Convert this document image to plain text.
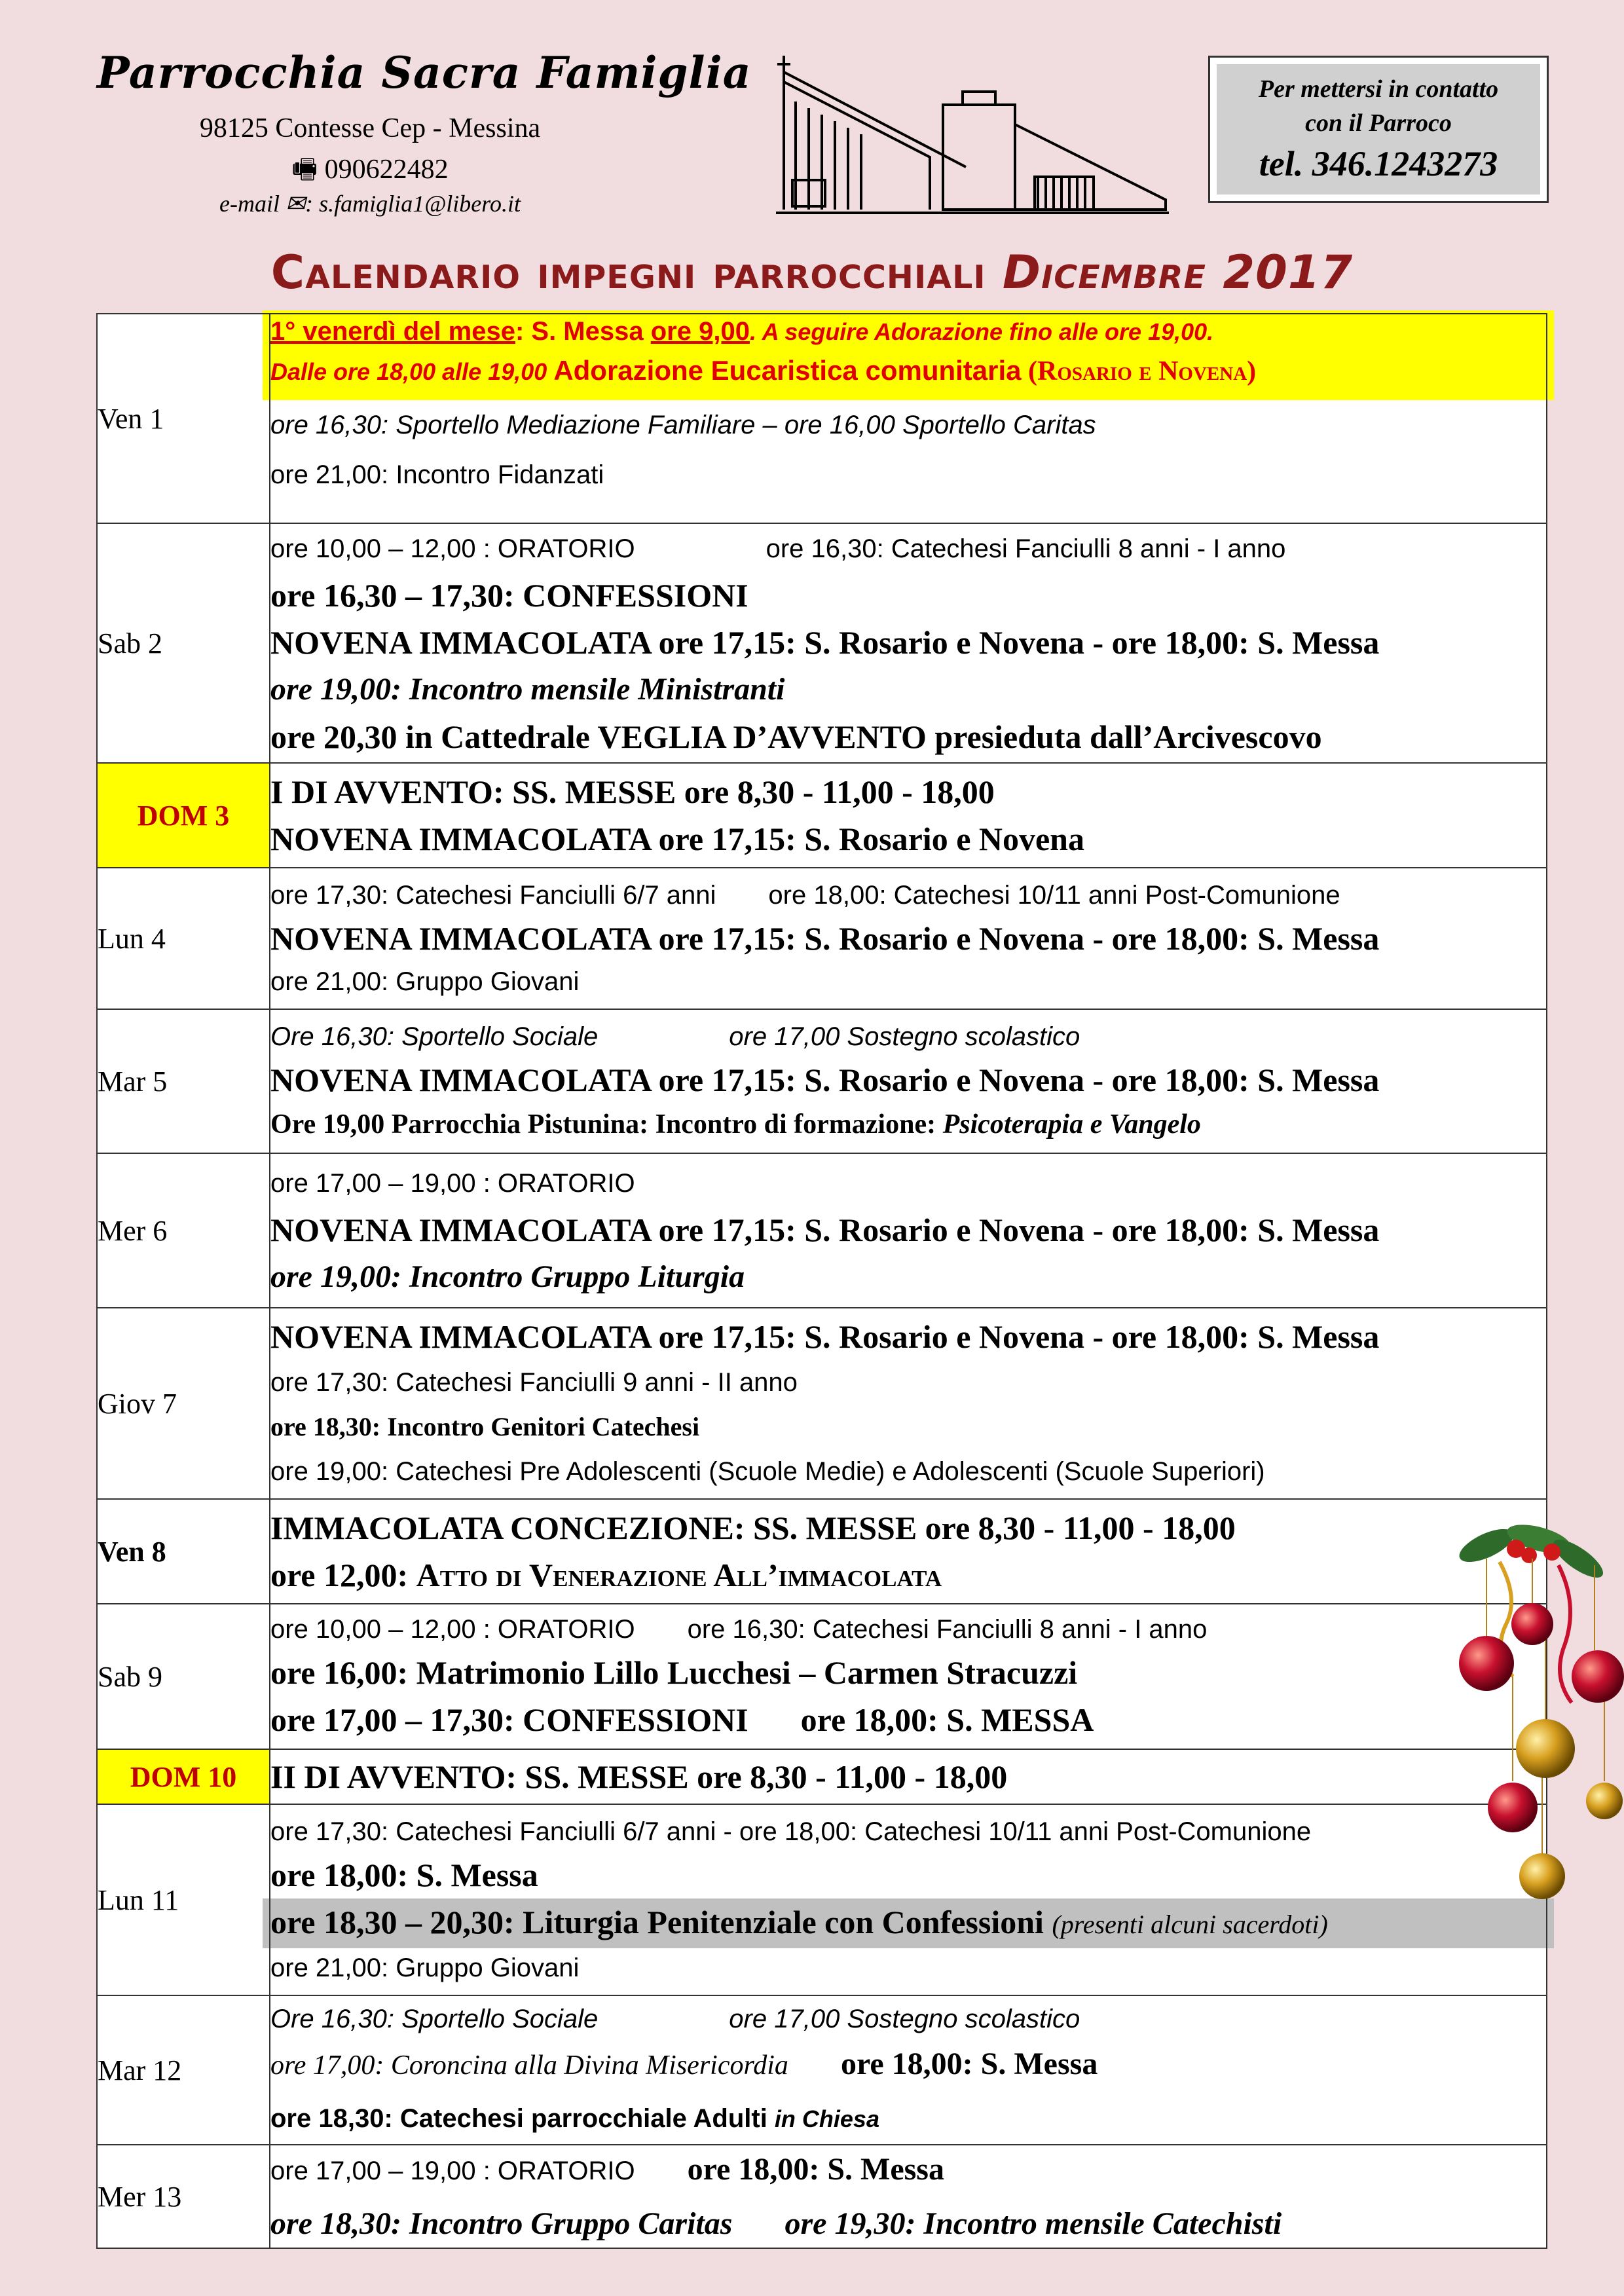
Parrocchia Sacra Famiglia
98125 Contesse Cep - Messina
🖷 090622482
e-mail ✉: s.famiglia1@libero.it
Per mettersi in contatto
con il Parroco
tel. 346.1243273
Calendario impegni parrocchiali Dicembre 2017
Ven 1	1° venerdì del mese: S. Messa ore 9,00. A seguire Adorazione fino alle ore 19,00.
Dalle ore 18,00 alle 19,00 Adorazione Eucaristica comunitaria (Rosario e Novena)
ore 16,30: Sportello Mediazione Familiare – ore 16,00 Sportello Caritas
ore 21,00: Incontro Fidanzati

Sab 2	ore 10,00 – 12,00 : ORATORIO ore 16,30: Catechesi Fanciulli 8 anni - I anno
ore 16,30 – 17,30: CONFESSIONI
NOVENA IMMACOLATA ore 17,15: S. Rosario e Novena - ore 18,00: S. Messa
ore 19,00: Incontro mensile Ministranti
ore 20,30 in Cattedrale VEGLIA D’AVVENTO presieduta dall’Arcivescovo

DOM 3	I DI AVVENTO: SS. MESSE ore 8,30 - 11,00 - 18,00
NOVENA IMMACOLATA ore 17,15: S. Rosario e Novena

Lun 4	ore 17,30: Catechesi Fanciulli 6/7 anni ore 18,00: Catechesi 10/11 anni Post-Comunione
NOVENA IMMACOLATA ore 17,15: S. Rosario e Novena - ore 18,00: S. Messa
ore 21,00: Gruppo Giovani

Mar 5	Ore 16,30: Sportello Sociale ore 17,00 Sostegno scolastico
NOVENA IMMACOLATA ore 17,15: S. Rosario e Novena - ore 18,00: S. Messa
Ore 19,00 Parrocchia Pistunina: Incontro di formazione: Psicoterapia e Vangelo

Mer 6	ore 17,00 – 19,00 : ORATORIO
NOVENA IMMACOLATA ore 17,15: S. Rosario e Novena - ore 18,00: S. Messa
ore 19,00: Incontro Gruppo Liturgia

Giov 7	NOVENA IMMACOLATA ore 17,15: S. Rosario e Novena - ore 18,00: S. Messa
ore 17,30: Catechesi Fanciulli 9 anni - II anno
ore 18,30: Incontro Genitori Catechesi
ore 19,00: Catechesi Pre Adolescenti (Scuole Medie) e Adolescenti (Scuole Superiori)

Ven 8	IMMACOLATA CONCEZIONE: SS. MESSE ore 8,30 - 11,00 - 18,00
ore 12,00: Atto di Venerazione All’immacolata

Sab 9	ore 10,00 – 12,00 : ORATORIO ore 16,30: Catechesi Fanciulli 8 anni - I anno
ore 16,00: Matrimonio Lillo Lucchesi – Carmen Stracuzzi
ore 17,00 – 17,30: CONFESSIONI ore 18,00: S. MESSA

DOM 10	II DI AVVENTO: SS. MESSE ore 8,30 - 11,00 - 18,00

Lun 11	ore 17,30: Catechesi Fanciulli 6/7 anni - ore 18,00: Catechesi 10/11 anni Post-Comunione
ore 18,00: S. Messa
ore 18,30 – 20,30: Liturgia Penitenziale con Confessioni (presenti alcuni sacerdoti)
ore 21,00: Gruppo Giovani

Mar 12	Ore 16,30: Sportello Sociale ore 17,00 Sostegno scolastico
ore 17,00: Coroncina alla Divina Misericordia ore 18,00: S. Messa
ore 18,30: Catechesi parrocchiale Adulti in Chiesa

Mer 13	ore 17,00 – 19,00 : ORATORIO ore 18,00: S. Messa
ore 18,30: Incontro Gruppo Caritas ore 19,30: Incontro mensile Catechisti
